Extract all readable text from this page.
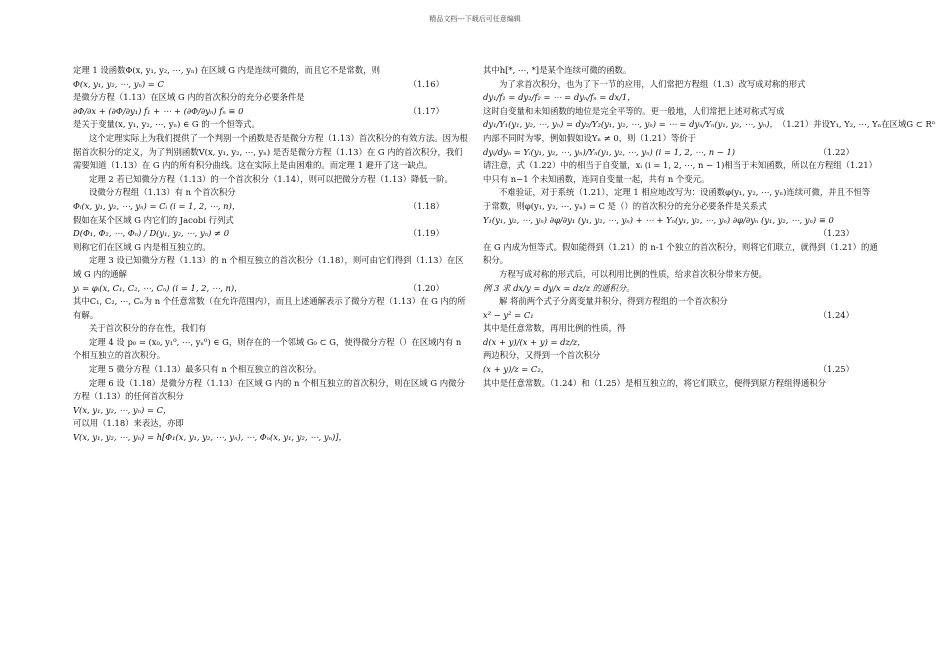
精品文档---下载后可任意编辑

定理 1 设函数Φ(x, y₁, y₂, ⋯, yₙ) 在区域 G 内是连续可微的，而且它不是常数，则

Φ(x, y₁, y₂, ⋯, yₙ) = C	（1.16）

是微分方程（1.13）在区域 G 内的首次积分的充分必要条件是

∂Φ/∂x + (∂Φ/∂y₁) f₁ + ⋯ + (∂Φ/∂yₙ) fₙ ≡ 0	（1.17）

是关于变量(x, y₁, y₂, ⋯, yₙ) ∈ G 的一个恒等式。

这个定理实际上为我们提供了一个判别一个函数是否是微分方程（1.13）首次积分的有效方法。因为根据首次积分的定义，为了判别函数V(x, y₁, y₂, ⋯, yₙ) 是否是微分方程（1.13）在 G 内的首次积分，我们需要知道（1.13）在 G 内的所有积分曲线。这在实际上是由困难的。而定理 1 避开了这一缺点。

定理 2 若已知微分方程（1.13）的一个首次积分（1.14），则可以把微分方程（1.13）降低一阶。

设微分方程组（1.13）有 n 个首次积分

Φᵢ(x, y₁, y₂, ⋯, yₙ) = Cᵢ (i = 1, 2, ⋯, n)，	（1.18）

假如在某个区域 G 内它们的 Jacobi 行列式

D(Φ₁, Φ₂, ⋯, Φₙ) / D(y₁, y₂, ⋯, yₙ) ≠ 0	（1.19）

则称它们在区域 G 内是相互独立的。

定理 3 设已知微分方程（1.13）的 n 个相互独立的首次积分（1.18），则可由它们得到（1.13）在区域 G 内的通解

yᵢ = φᵢ(x, C₁, C₂, ⋯, Cₙ) (i = 1, 2, ⋯, n)，	（1.20）

其中C₁, C₂, ⋯, Cₙ为 n 个任意常数（在允许范围内），而且上述通解表示了微分方程（1.13）在 G 内的所有解。

关于首次积分的存在性，我们有

定理 4 设 p₀ = (x₀, y₁⁰, ⋯, yₙ⁰) ∈ G，则存在的一个邻域 G₀ ⊂ G，使得微分方程（）在区域内有 n 个相互独立的首次积分。

定理 5 微分方程（1.13）最多只有 n 个相互独立的首次积分。

定理 6 设（1.18）是微分方程（1.13）在区域 G 内的 n 个相互独立的首次积分，则在区域 G 内微分方程（1.13）的任何首次积分

V(x, y₁, y₂, ⋯, yₙ) = C，

可以用（1.18）来表达，亦即

V(x, y₁, y₂, ⋯, yₙ) = h[Φ₁(x, y₁, y₂, ⋯, yₙ), ⋯, Φₙ(x, y₁, y₂, ⋯, yₙ)]，

其中h[*, ⋯, *]是某个连续可微的函数。

为了求首次积分，也为了下一节的应用，人们常把方程组（1.3）改写成对称的形式

dy₁/f₁ = dy₂/f₂ = ⋯ = dyₙ/fₙ = dx/1，

这时自变量和未知函数的地位是完全平等的。更一般地，人们常把上述对称式写成

dy₁/Y₁(y₁, y₂, ⋯, yₙ) = dy₂/Y₂(y₁, y₂, ⋯, yₙ) = ⋯ = dyₙ/Yₙ(y₁, y₂, ⋯, yₙ)， （1.21）并设Y₁, Y₂, ⋯, Yₙ在区域G ⊂ Rⁿ

内部不同时为零，例如假如设Yₙ ≠ 0，则（1.21）等价于

dyᵢ/dyₙ = Yᵢ(y₁, y₂, ⋯, yₙ)/Yₙ(y₁, y₂, ⋯, yₙ) (i = 1, 2, ⋯, n − 1)	（1.22）

请注意，式（1.22）中的相当于自变量，xᵢ (i = 1, 2, ⋯, n − 1)相当于未知函数，所以在方程组（1.21）中只有 n−1 个未知函数，连同自变量一起，共有 n 个变元。

不难验证，对于系统（1.21），定理 1 相应地改写为：设函数φ(y₁, y₂, ⋯, yₙ)连续可微，并且不恒等于常数，则φ(y₁, y₂, ⋯, yₙ) = C 是（）的首次积分的充分必要条件是关系式

Y₁(y₁, y₂, ⋯, yₙ) ∂φ/∂y₁ (y₁, y₂, ⋯, yₙ) + ⋯ + Yₙ(y₁, y₂, ⋯, yₙ) ∂φ/∂yₙ (y₁, y₂, ⋯, yₙ) ≡ 0
（1.23）

在 G 内成为恒等式。假如能得到（1.21）的 n-1 个独立的首次积分，则将它们联立，就得到（1.21）的通积分。

方程写成对称的形式后，可以利用比例的性质，给求首次积分带来方便。

例 3 求 dx/y = dy/x = dz/z 的通积分。

解 将前两个式子分离变量并积分，得到方程组的一个首次积分

x² − y² = C₁	（1.24）

其中是任意常数，再用比例的性质，得

d(x + y)/(x + y) = dz/z，

两边积分，又得到一个首次积分

(x + y)/z = C₂，	（1.25）

其中是任意常数。（1.24）和（1.25）是相互独立的，将它们联立，便得到原方程组得通积分
